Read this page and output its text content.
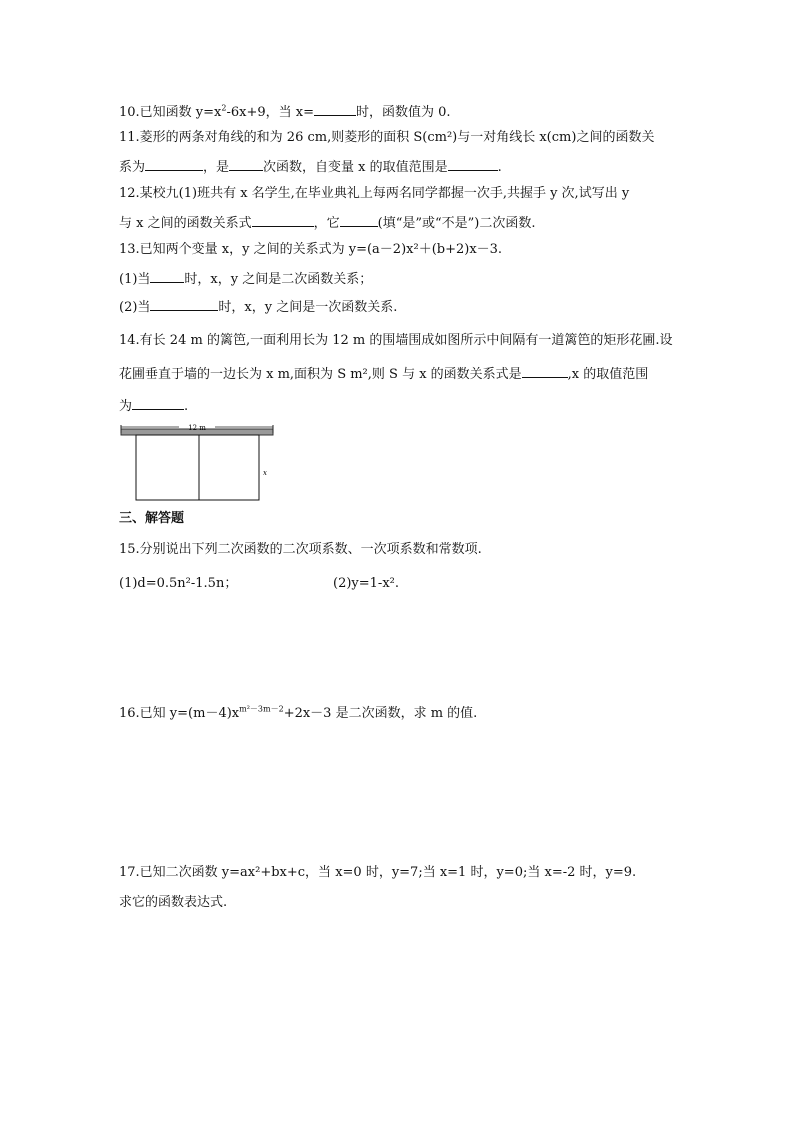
10.已知函数 $y=x^2-6x+9$，当 x=	时，函数值为 0.
11.菱形的两条对角线的和为 26 cm,则菱形的面积 S(cm²)与一对角线长 x(cm)之间的函数关
系为	，是	次函数，自变量 x 的取值范围是	.
12.某校九(1)班共有 x 名学生,在毕业典礼上每两名同学都握一次手,共握手 y 次,试写出 y
与 x 之间的函数关系式	，它	(填“是”或“不是”)二次函数.
13.已知两个变量 x，y 之间的关系式为 y=(a－2)x²＋(b+2)x－3.
(1)当	时，x，y 之间是二次函数关系；
(2)当	时，x，y 之间是一次函数关系.
14.有长 24 m 的篱笆,一面利用长为 12 m 的围墙围成如图所示中间隔有一道篱笆的矩形花圃.设
花圃垂直于墙的一边长为 x m,面积为 S m²,则 S 与 x 的函数关系式是	,x 的取值范围
为	.
12 m
x
三、解答题
15.分别说出下列二次函数的二次项系数、一次项系数和常数项.
(1)d=0.5n²-1.5n；	(2)y=1-x².
16.已知 $y=(m-4)x^{m^2-3m-2}+2x-3$ 是二次函数，求 m 的值.
17.已知二次函数 y=ax²+bx+c，当 x=0 时，y=7;当 x=1 时，y=0;当 x=-2 时，y=9.
求它的函数表达式.
